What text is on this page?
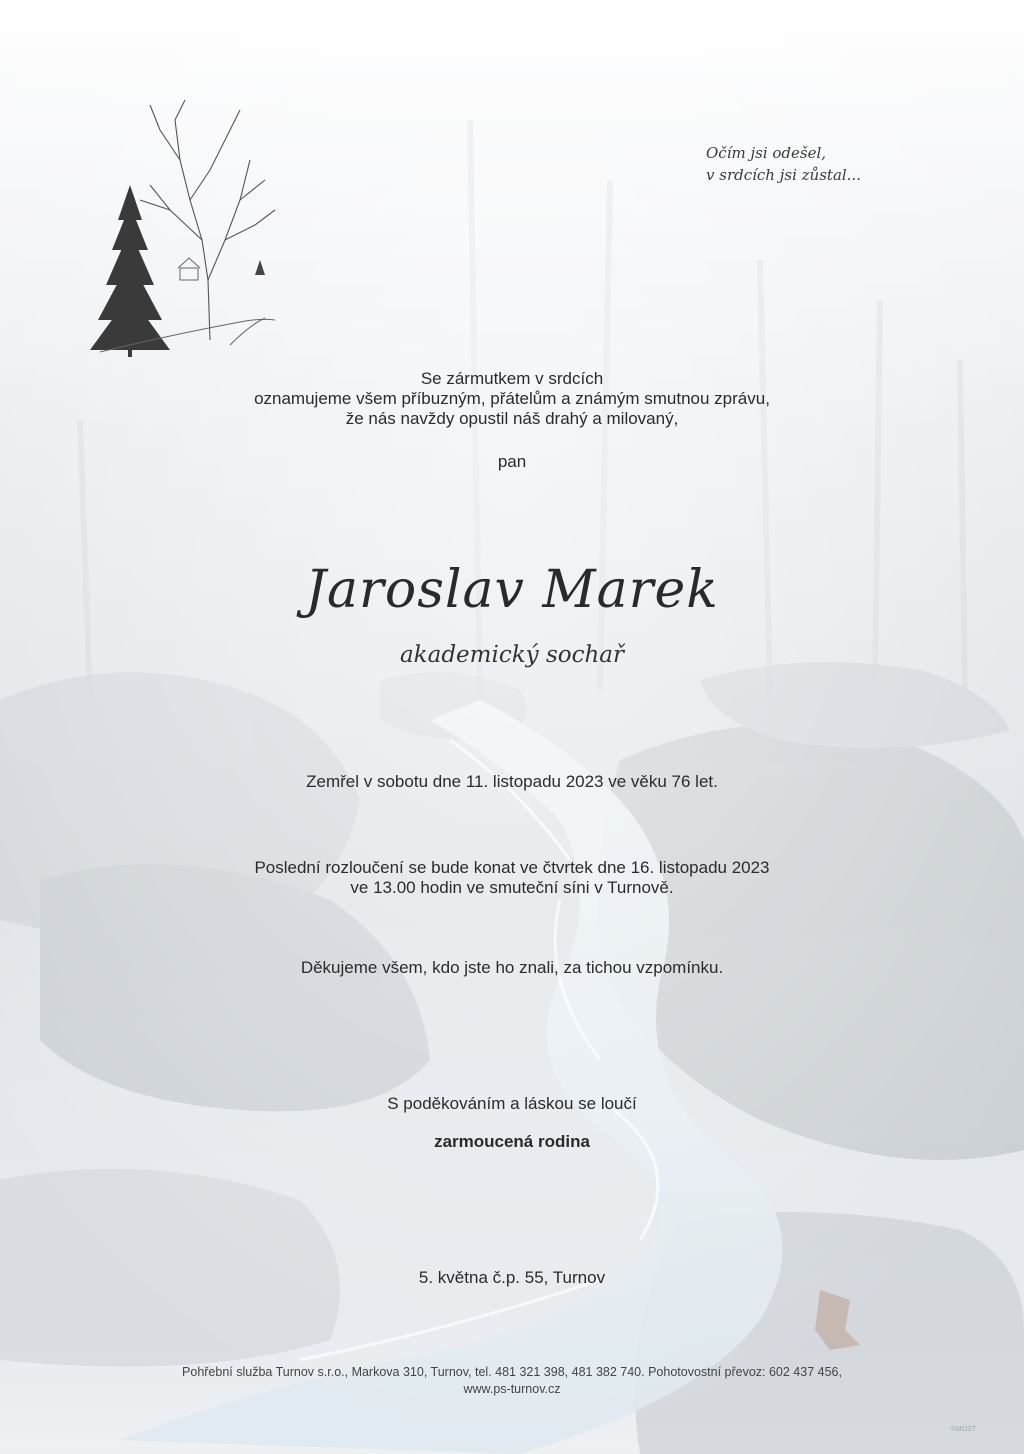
Očím jsi odešel,
v srdcích jsi zůstal...
Se zármutkem v srdcích
oznamujeme všem příbuzným, přátelům a známým smutnou zprávu,
že nás navždy opustil náš drahý a milovaný,
pan
Jaroslav Marek
akademický sochař
Zemřel v sobotu dne 11. listopadu 2023 ve věku 76 let.
Poslední rozloučení se bude konat ve čtvrtek dne 16. listopadu 2023
ve 13.00 hodin ve smuteční síni v Turnově.
Děkujeme všem, kdo jste ho znali, za tichou vzpomínku.
S poděkováním a láskou se loučí
zarmoucená rodina
5. května č.p. 55, Turnov
Pohřební služba Turnov s.r.o., Markova 310, Turnov, tel. 481 321 398, 481 382 740. Pohotovostní převoz: 602 437 456,
www.ps-turnov.cz
©MOST
